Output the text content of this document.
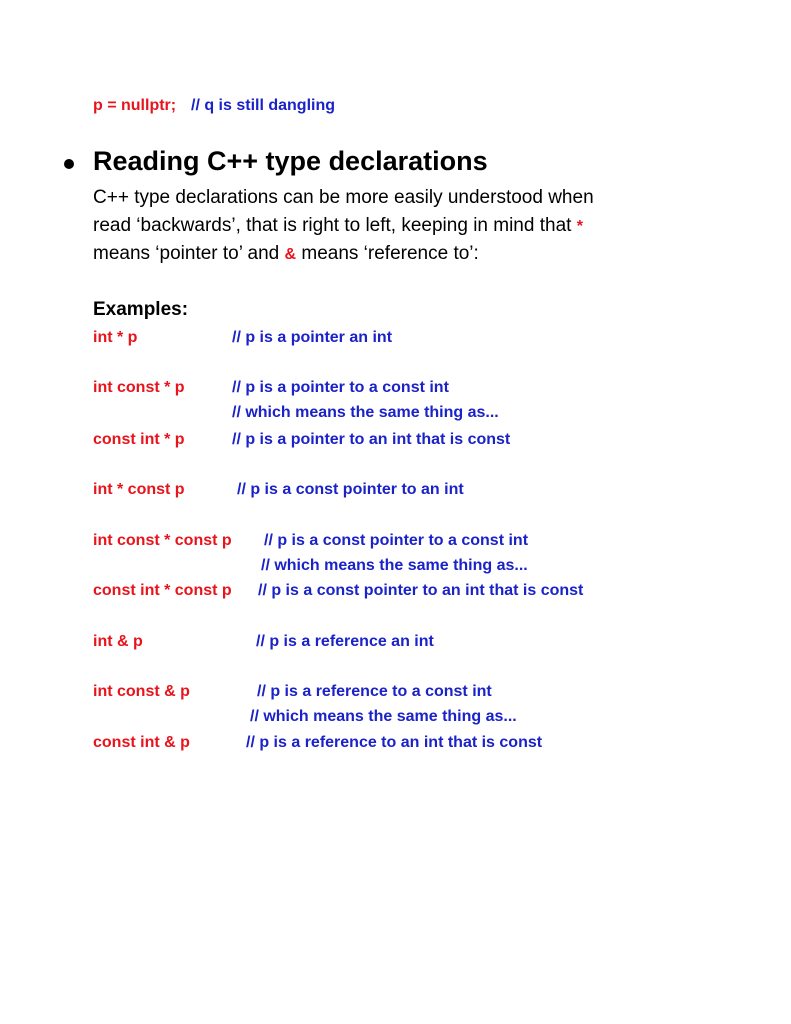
p = nullptr; // q is still dangling
Reading C++ type declarations
C++ type declarations can be more easily understood when
read ‘backwards’, that is right to left, keeping in mind that *
means ‘pointer to’ and & means ‘reference to’:
Examples:
int * p	// p is a pointer an int
int const * p	// p is a pointer to a const int
// which means the same thing as...
const int * p	// p is a pointer to an int that is const
int * const p	// p is a const pointer to an int
int const * const p // p is a const pointer to a const int
// which means the same thing as...
const int * const p // p is a const pointer to an int that is const
int & p	// p is a reference an int
int const & p	// p is a reference to a const int
// which means the same thing as...
const int & p	// p is a reference to an int that is const
